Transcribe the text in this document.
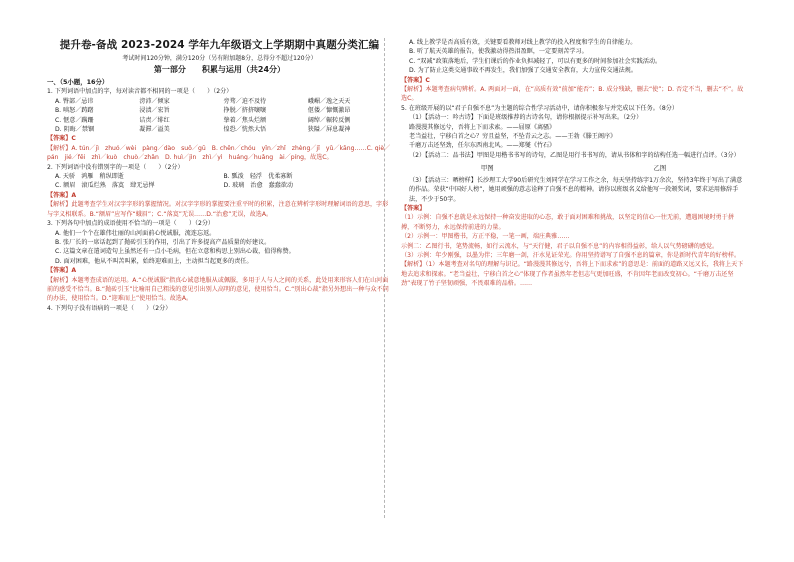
提升卷-备战 2023-2024 学年九年级语文上学期期中真题分类汇编

考试时间120分钟，满分120分（另有附加题8分，总得分不超过120分）

第一部分　　积累与运用（共24分）

一、（5小题，16分）

1. 下列词语中加点的字，每对读音都不相同的一项是（　　）（2分）

A. 臀部／忌讳	滂沛／倾家	旁骛／迫不及待	峨嵋／逸之天天
B. 嗔怒／踌躇	浸渍／宏旨	挣脱／挤挤嚷嚷	伛偻／慷慨激昂
C. 惬意／蹒跚	诘责／绯红	挚着／焦头烂额	阔绰／辗转反侧
D. 阴晦／禁锢	凝滞／溢美	惶恐／恍然大悟	狭隘／屏息凝神

【答案】C

【解析】A. tún／jì　zhuó／wèi　pàng／dào　suǒ／gū　B. chēn／chóu　yǐn／zhǐ　zhèng／jǐ　yǔ／kāng……C. qiè／pán　jié／fēi　zhì／kuò　chuò／zhǎn　D. huì／jìn　zhì／yì　huáng／huǎng　ài／píng，故选C。

2. 下列词语中没有错别字的一项是（　　）（2分）

A. 天骄　鸿雁　稍纵即逝	B. 瓢泼　轻浮　优柔寡断
C. 额眉　滚瓜烂熟　落寞　肆无忌惮	D. 玻璃　治愈　蠢蠢欲动

【答案】A

【解析】此题考查学生对汉字字形的掌握情况。对汉字字形的掌握要注重平时的积累，注意在辨析字形时理解词语的意思，字形与字义相联系。B.“额眉”应写作“蛾眉”；C.“落寞”无误……D.“治愈”无误，故选A。

3. 下列各句中加点的成语使用不恰当的一项是（　　）（2分）

A. 他们一个个在雄伟壮丽的山河面前心悦诚服，流连忘返。

B. 张厂长的一席话起到了抛砖引玉的作用，引出了许多提高产品质量的好建议。

C. 这篇文章在遣词造句上虽然还有一点小毛病，但在立意和构思上别出心裁，值得称赞。

D. 面对困难，他从不叫苦叫累，始终迎难而上，主动担当起更多的责任。

【答案】A

【解析】本题考查成语的运用。A.“心悦诚服”指真心诚意地服从或佩服，多用于人与人之间的关系，此处用来形容人们在山河面前的感受不恰当。B.“抛砖引玉”比喻用自己粗浅的意见引出别人高明的意见，使用恰当。C.“别出心裁”指另外想出一种与众不同的办法，使用恰当。D.“迎难而上”使用恰当。故选A。

4. 下列句子没有语病的一项是（　　）（2分）

A. 线上教学是否高质有效，关键要看教师对线上教学的投入程度和学生的自律能力。

B. 听了航天英雄的报告，使我激动得热泪盈眶，一定要刻苦学习。

C. “双减”政策落地后，学生们课后的作业负担减轻了，可以有更多的时间参加社会实践活动。

D. 为了防止这类交通事故不再发生，我们加强了交通安全教育，大力宣传交通法规。

【答案】C

【解析】本题考查病句辨析。A. 两面对一面，在“高质有效”前加“能否”；B. 成分残缺，删去“使”；D. 否定不当，删去“不”。故选C。

5. 在班级开展的以“君子自强不息”为主题的综合性学习活动中，请你积极参与并完成以下任务。（8分）

（1）【活动一：吟古诗】下面是班级推荐的古诗名句，请你根据提示补写出来。（2分）

路漫漫其修远兮，吾将上下而求索。——屈原《离骚》

老当益壮，宁移白首之心？穷且益坚，不坠青云之志。——王勃《滕王阁序》

千磨万击还坚劲，任尔东西南北风。——郑燮《竹石》

（2）【活动二：品书法】甲图是用楷书书写的诗句，乙图是用行书书写的，请从书体和字的结构任选一幅进行点评。（3分）

甲图	乙图

（3）【活动三：晒榜样】长沙理工大学90后研究生刘同学在学习工作之余，每天坚持练字1万余次，坚持3年终于写出了满意的作品。荣获“中国好人榜”，她用顽强的意志诠释了自强不息的精神。请你以班级名义给他写一段颁奖词，要求运用修辞手法，不少于50字。

【答案】

（1）示例：自强不息就是永远保持一种奋发进取的心态，敢于面对困难和挑战，以坚定的信心一往无前，遭遇困境时勇于拼搏，不断努力，永远保持前进的力量。

（2）示例一：甲图楷书，方正平稳，一笔一画，端庄典雅……

示例二：乙图行书，笔势流畅，如行云流水，与“天行健，君子以自强不息”的内容相得益彰，给人以气势磅礴的感觉。

（3）示例：年少刚强，以墨为伴；三年磨一剑，汗水见证荣光。你用坚持谱写了自强不息的篇章，你是新时代青年的好榜样。

【解析】（1）本题考查对名句的理解与识记。“路漫漫其修远兮，吾将上下而求索”的意思是：前面的道路又远又长，我将上天下地去追求和探索。“老当益壮，宁移白首之心”体现了作者虽然年老但志气更加旺盛，不肯因年老而改变初心。“千磨万击还坚劲”表现了竹子坚韧顽强，不畏艰难的品格。……
